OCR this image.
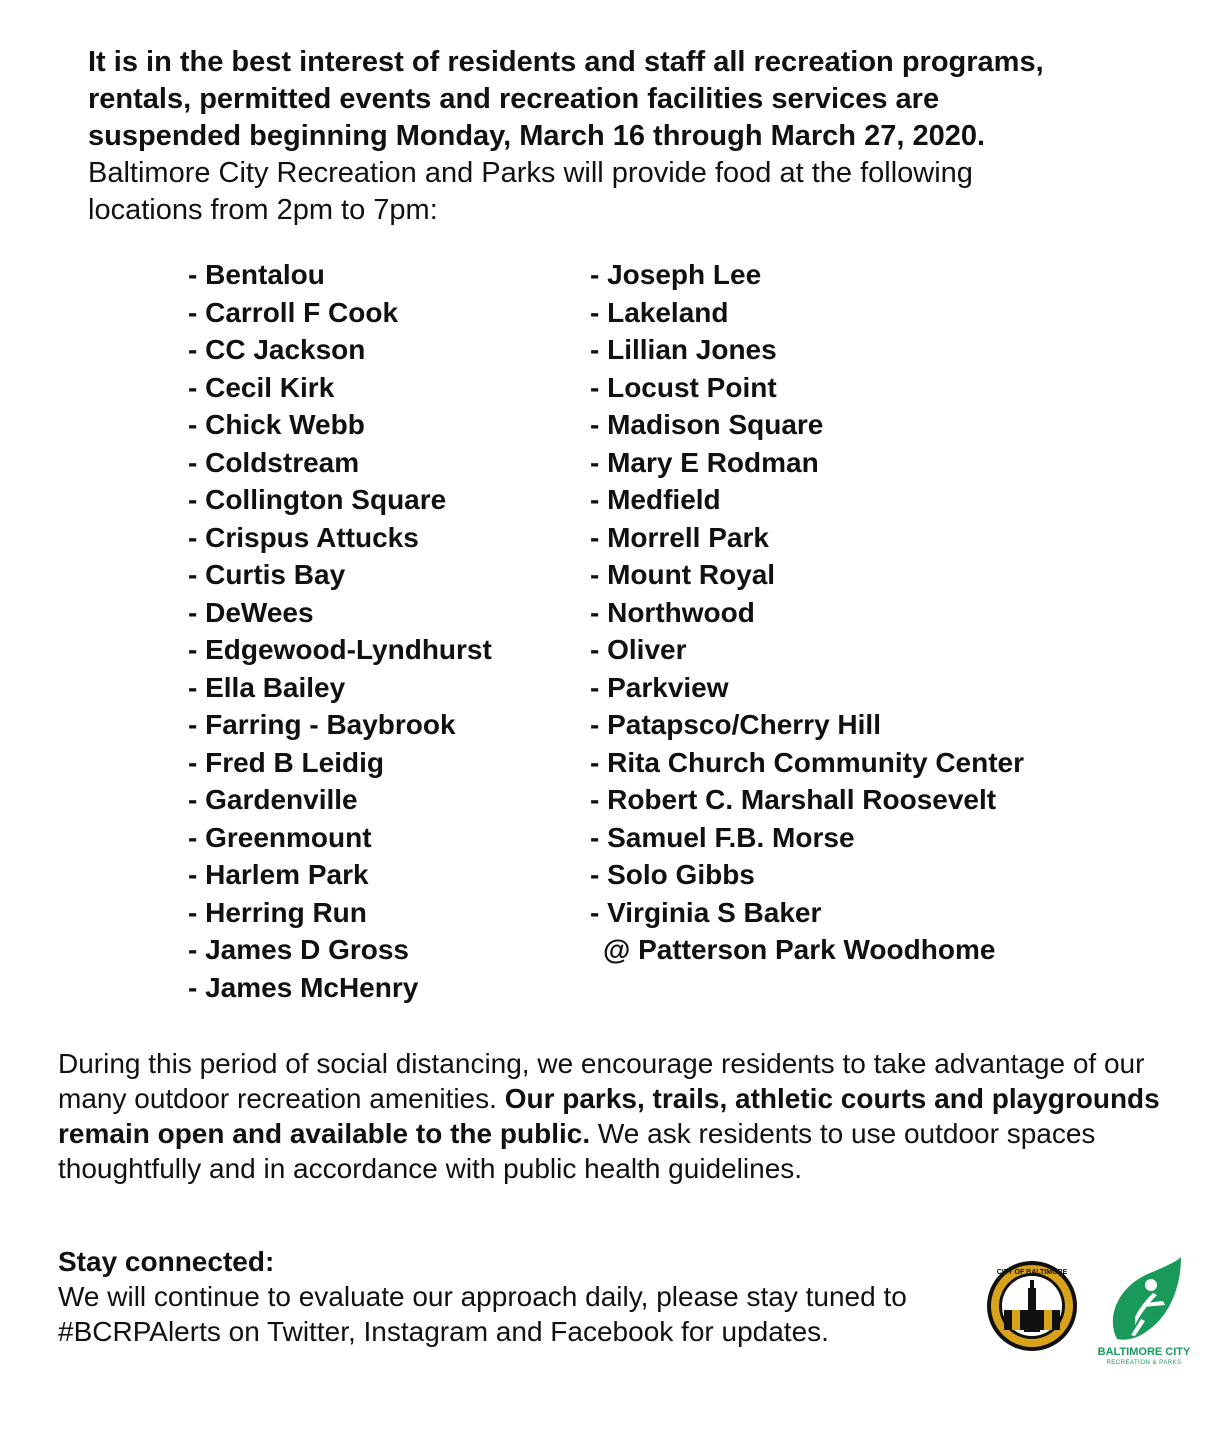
It is in the best interest of residents and staff all recreation programs,
rentals, permitted events and recreation facilities services are
suspended beginning Monday, March 16 through March 27, 2020.
Baltimore City Recreation and Parks will provide food at the following
locations from 2pm to 7pm:
- Bentalou
- Carroll F Cook
- CC Jackson
- Cecil Kirk
- Chick Webb
- Coldstream
- Collington Square
- Crispus Attucks
- Curtis Bay
- DeWees
- Edgewood-Lyndhurst
- Ella Bailey
- Farring - Baybrook
- Fred B Leidig
- Gardenville
- Greenmount
- Harlem Park
- Herring Run
- James D Gross
- James McHenry
- Joseph Lee
- Lakeland
- Lillian Jones
- Locust Point
- Madison Square
- Mary E Rodman
- Medfield
- Morrell Park
- Mount Royal
- Northwood
- Oliver
- Parkview
- Patapsco/Cherry Hill
- Rita Church Community Center
- Robert C. Marshall Roosevelt
- Samuel F.B. Morse
- Solo Gibbs
- Virginia S Baker
@ Patterson Park Woodhome

During this period of social distancing, we encourage residents to take advantage of our many outdoor recreation amenities. Our parks, trails, athletic courts and playgrounds remain open and available to the public. We ask residents to use outdoor spaces thoughtfully and in accordance with public health guidelines.

Stay connected:
We will continue to evaluate our approach daily, please stay tuned to #BCRPAlerts on Twitter, Instagram and Facebook for updates.
CITY OF BALTIMORE
BALTIMORE CITY
RECREATION & PARKS
